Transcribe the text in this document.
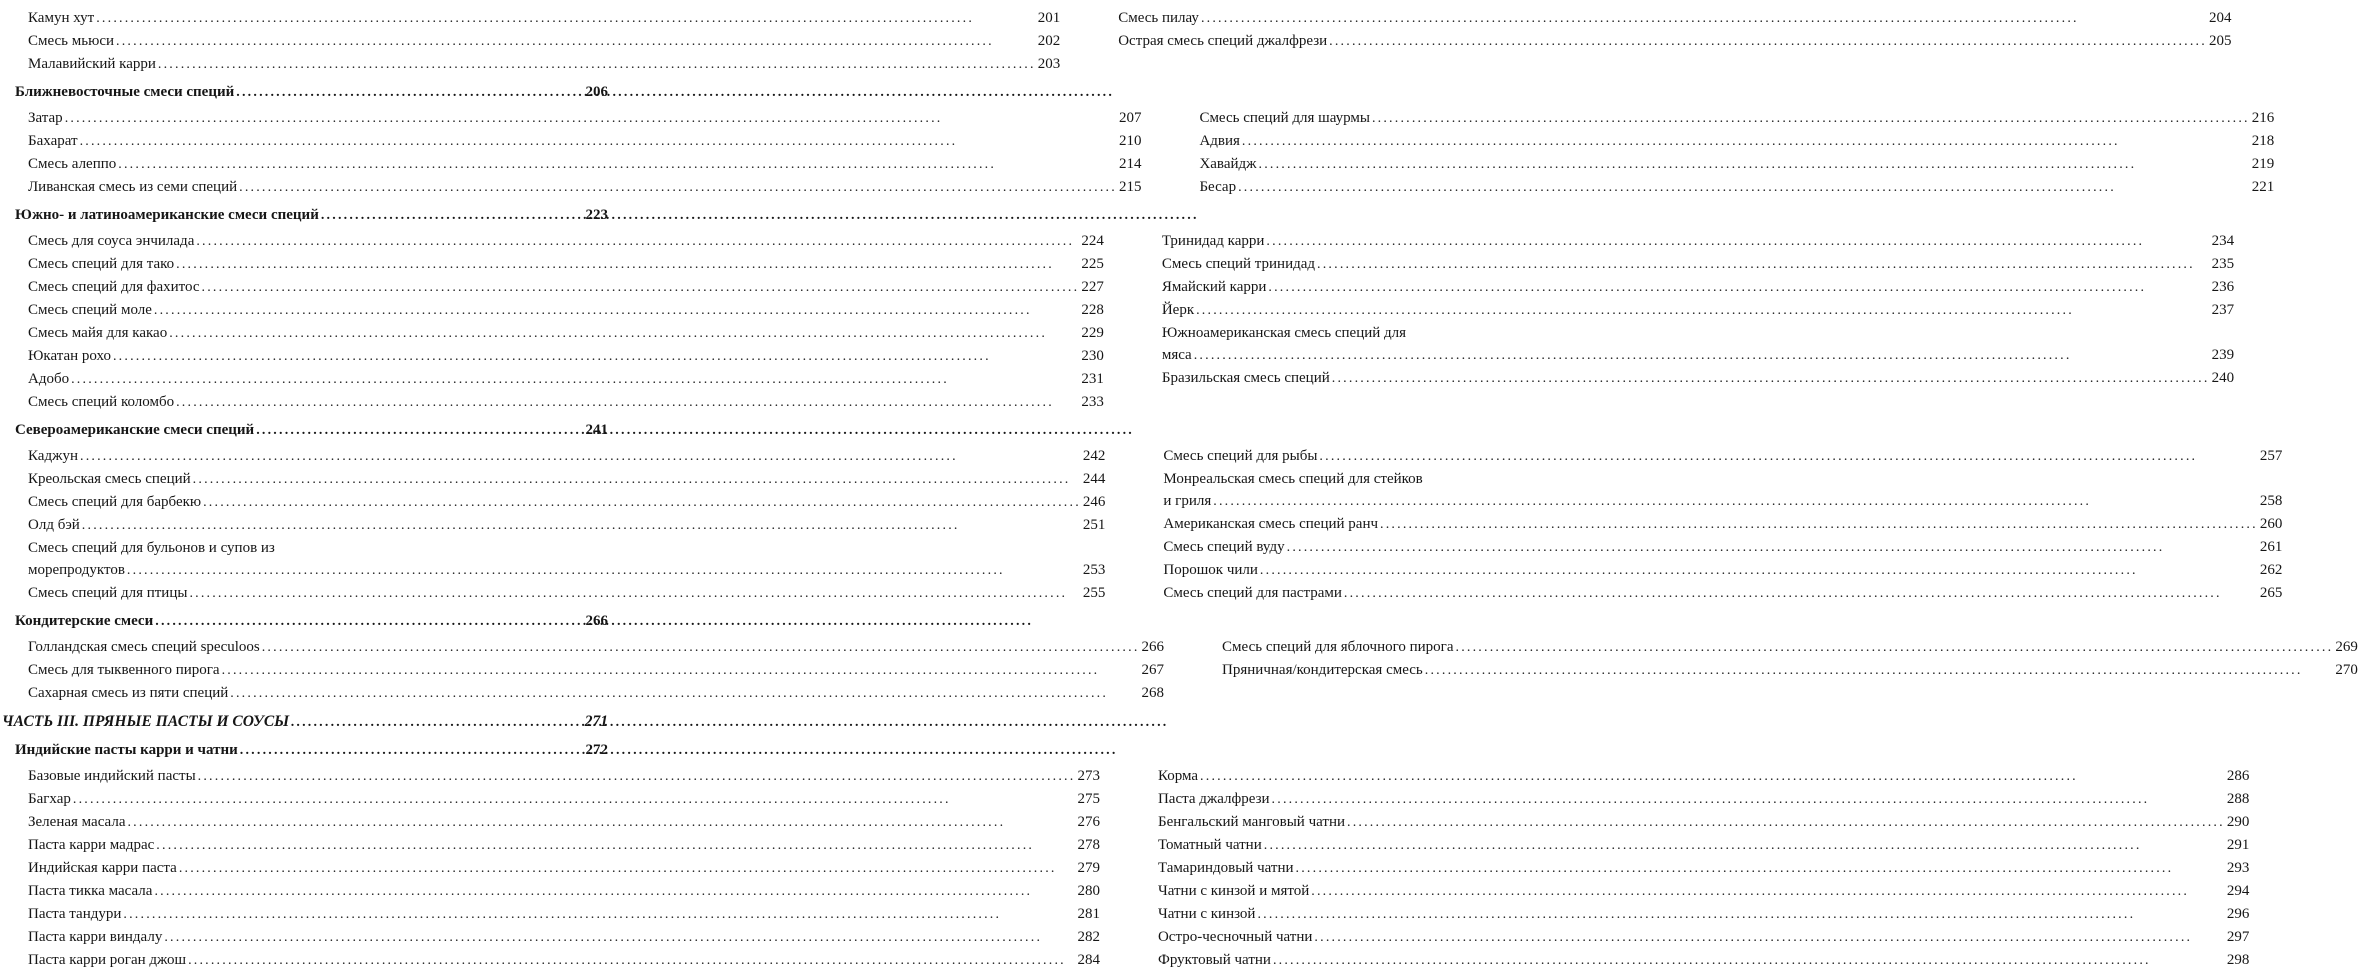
Камун хут .....	201
Смесь мьюси .....	202
Малавийский карри .....	203
Смесь пилау .....	204
Острая смесь специй джалфрези .....	205
Ближневосточные смеси специй .....	206
Затар .....	207
Бахарат .....	210
Смесь алеппо .....	214
Ливанская смесь из семи специй .....	215
Смесь специй для шаурмы .....	216
Адвия .....	218
Хавайдж .....	219
Бесар .....	221
Южно- и латиноамериканские смеси специй .....	223
Смесь для соуса энчилада .....	224
Смесь специй для тако .....	225
Смесь специй для фахитос .....	227
Смесь специй моле .....	228
Смесь майя для какао .....	229
Юкатан рохо .....	230
Адобо .....	231
Смесь специй коломбо .....	233
Тринидад карри .....	234
Смесь специй тринидад .....	235
Ямайский карри .....	236
Йерк .....	237
Южноамериканская смесь специй для
мяса .....	239
Бразильская смесь специй .....	240
Североамериканские смеси специй .....	241
Каджун .....	242
Креольская смесь специй .....	244
Смесь специй для барбекю .....	246
Олд бэй .....	251
Смесь специй для бульонов и супов из
морепродуктов .....	253
Смесь специй для птицы .....	255
Смесь специй для рыбы .....	257
Монреальская смесь специй для стейков
и гриля .....	258
Американская смесь специй ранч .....	260
Смесь специй вуду .....	261
Порошок чили .....	262
Смесь специй для пастрами .....	265
Кондитерские смеси .....	266
Голландская смесь специй speculoos .....	266
Смесь для тыквенного пирога .....	267
Сахарная смесь из пяти специй .....	268
Смесь специй для яблочного пирога .....	269
Пряничная/кондитерская смесь .....	270
ЧАСТЬ III. ПРЯНЫЕ ПАСТЫ И СОУСЫ .....	271
Индийские пасты карри и чатни .....	272
Базовые индийский пасты .....	273
Багхар .....	275
Зеленая масала .....	276
Паста карри мадрас .....	278
Индийская карри паста .....	279
Паста тикка масала .....	280
Паста тандури .....	281
Паста карри виндалу .....	282
Паста карри роган джош .....	284
Корма .....	286
Паста джалфрези .....	288
Бенгальский манговый чатни .....	290
Томатный чатни .....	291
Тамариндовый чатни .....	293
Чатни с кинзой и мятой .....	294
Чатни с кинзой .....	296
Остро-чесночный чатни .....	297
Фруктовый чатни .....	298
